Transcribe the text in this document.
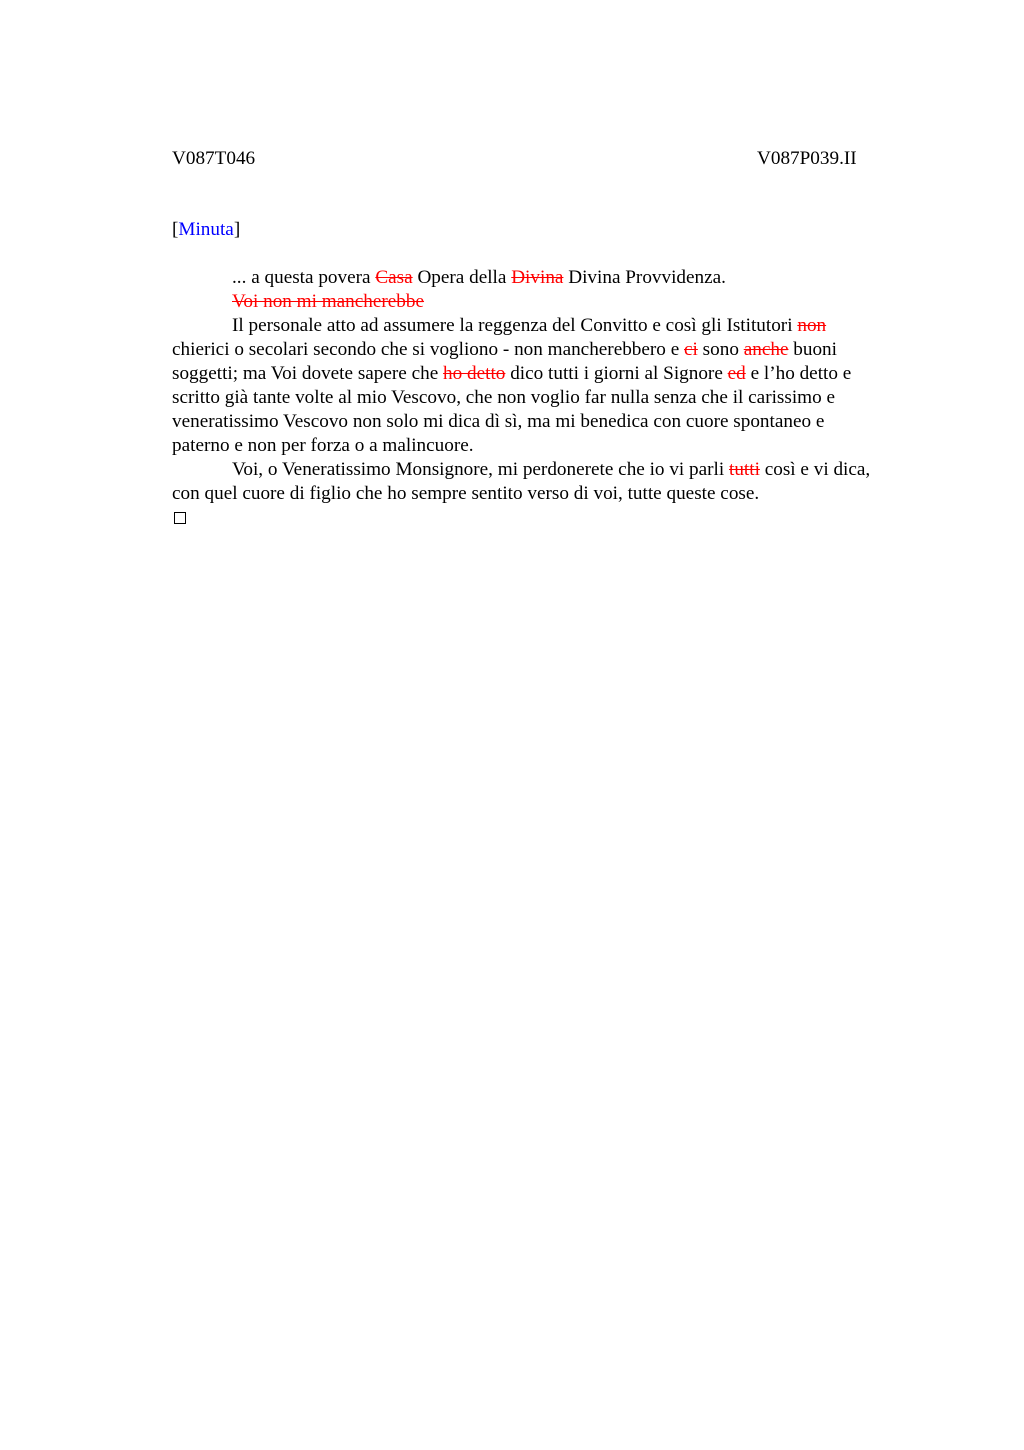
V087T046	V087P039.II
[Minuta]
... a questa povera Casa Opera della Divina Divina Provvidenza.
Voi non mi mancherebbe
Il personale atto ad assumere la reggenza del Convitto e così gli Istitutori non
chierici o secolari secondo che si vogliono - non mancherebbero e ci sono anche buoni
soggetti; ma Voi dovete sapere che ho detto dico tutti i giorni al Signore ed e l’ho detto e
scritto già tante volte al mio Vescovo, che non voglio far nulla senza che il carissimo e
veneratissimo Vescovo non solo mi dica dì sì, ma mi benedica con cuore spontaneo e
paterno e non per forza o a malincuore.
Voi, o Veneratissimo Monsignore, mi perdonerete che io vi parli tutti così e vi dica,
con quel cuore di figlio che ho sempre sentito verso di voi, tutte queste cose.
